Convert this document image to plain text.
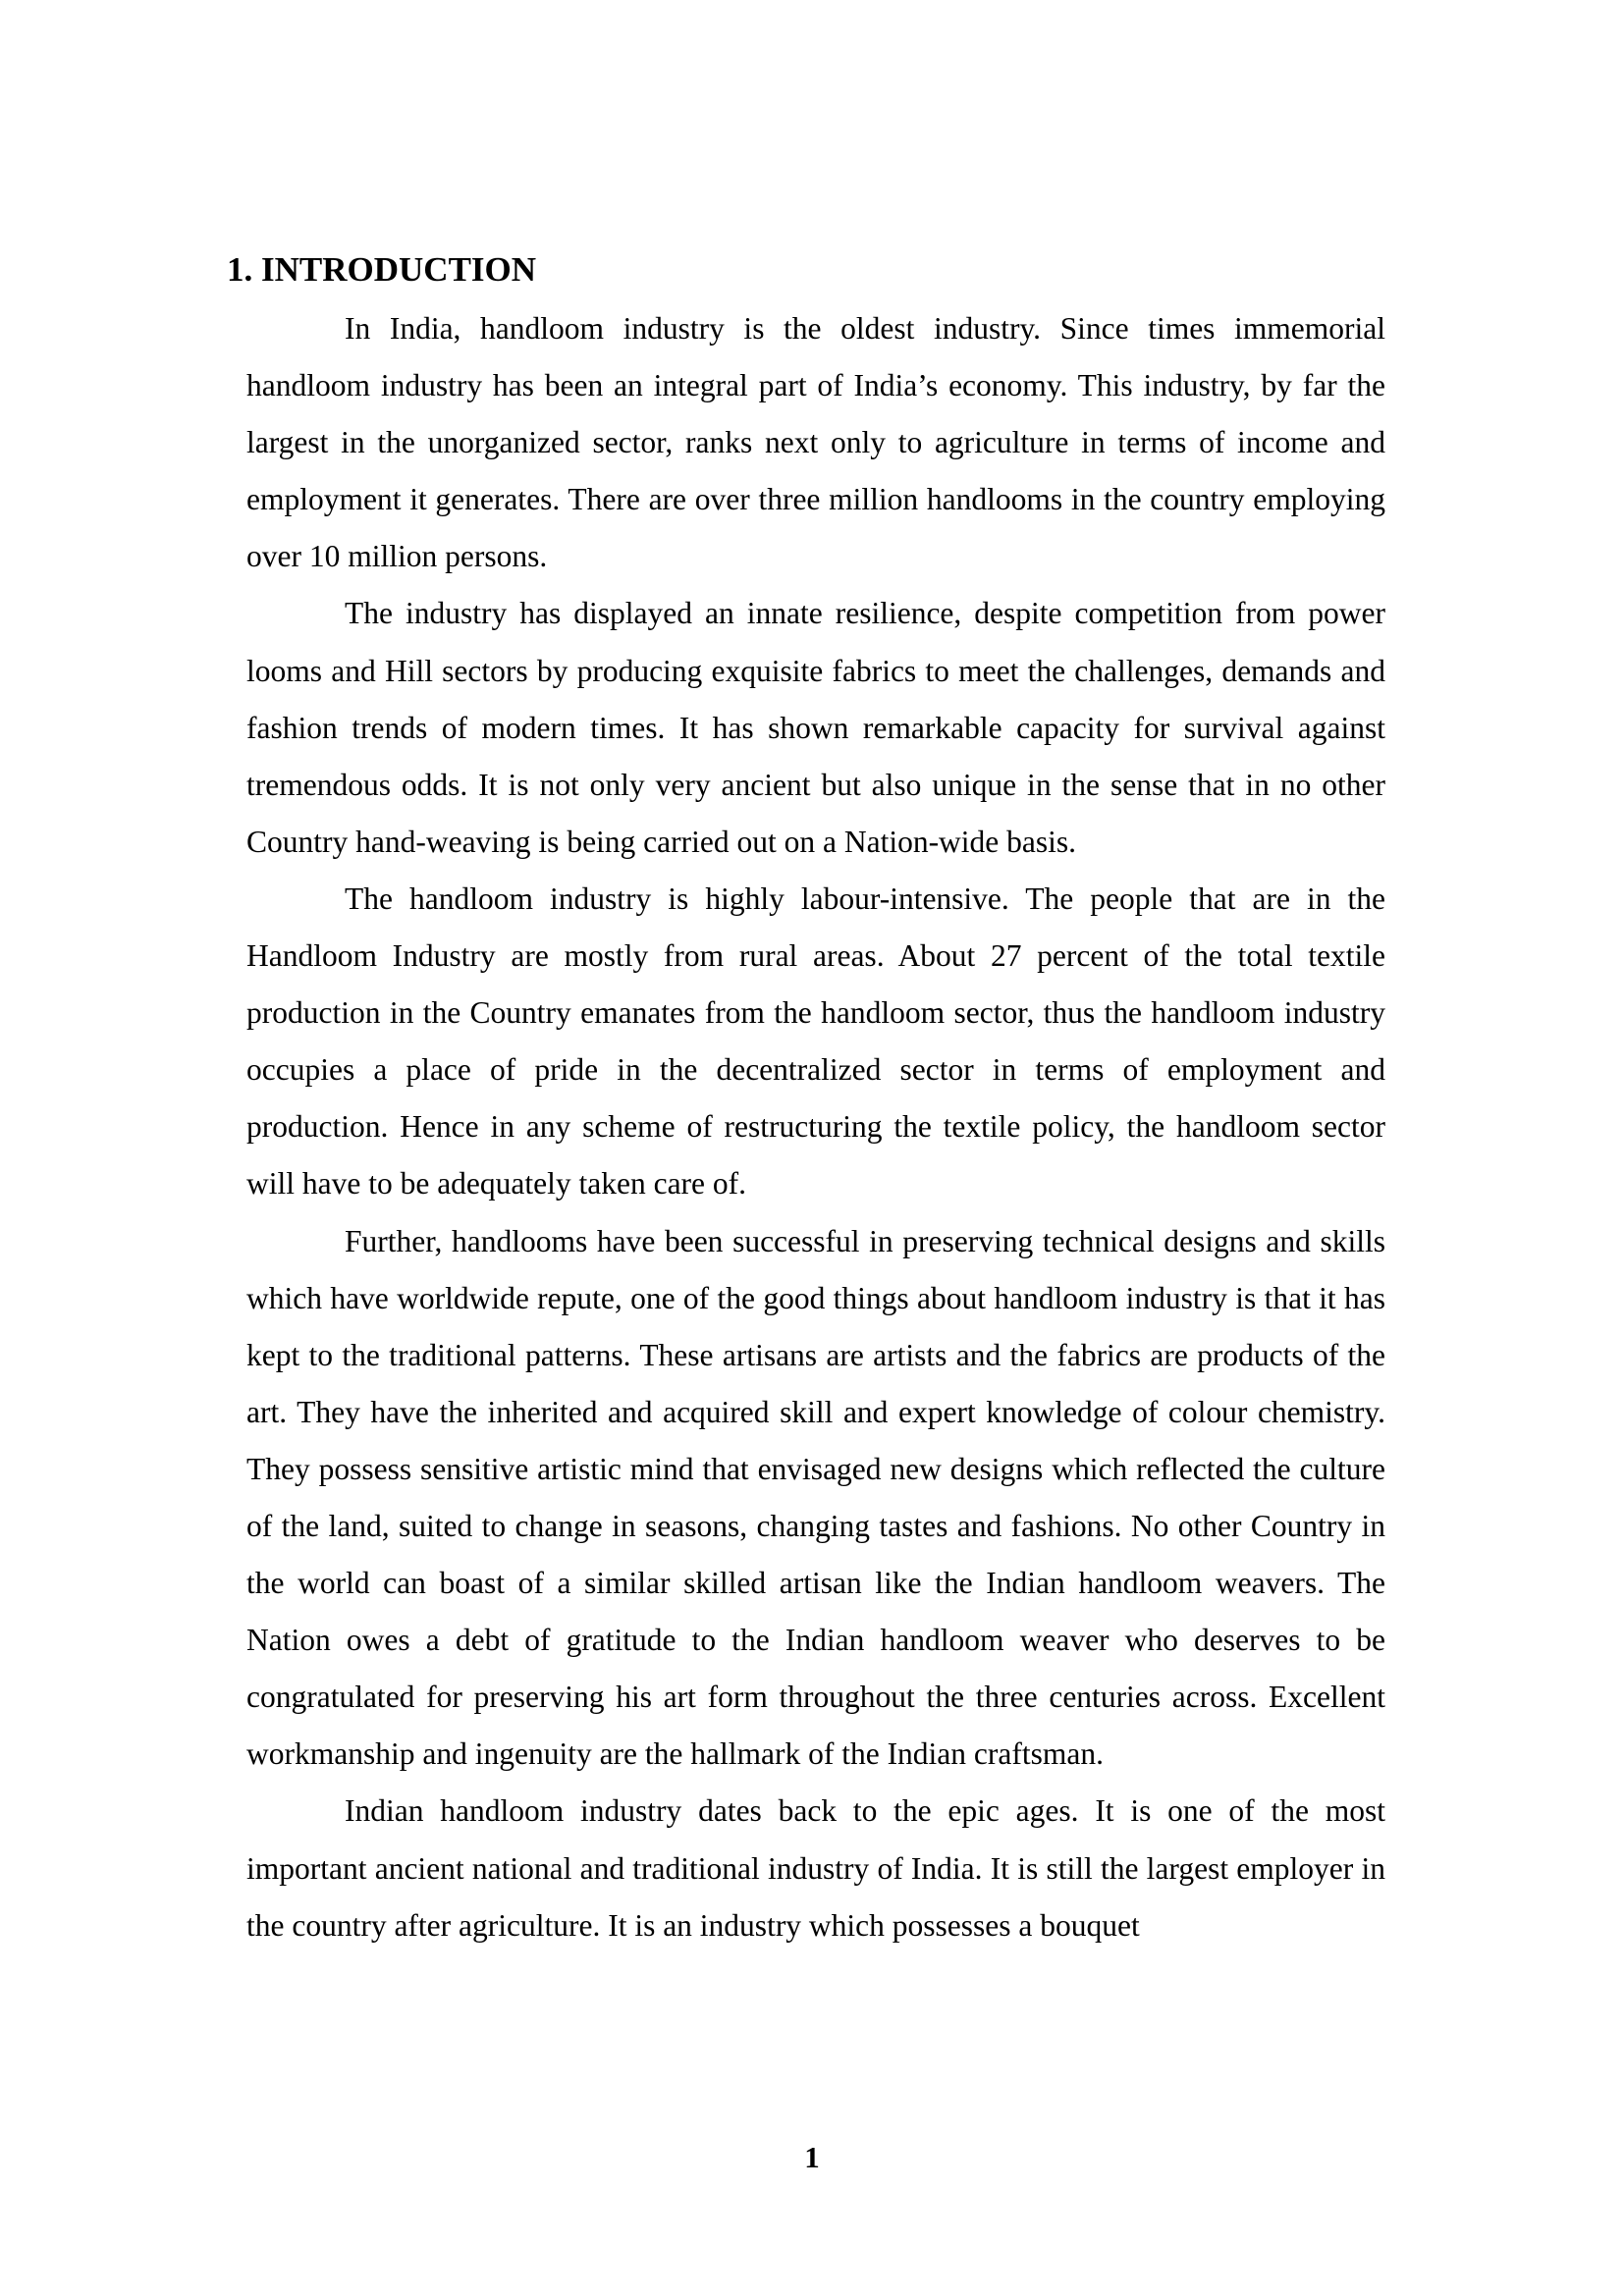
1. INTRODUCTION

In India, handloom industry is the oldest industry. Since times immemorial handloom industry has been an integral part of India’s economy. This industry, by far the largest in the unorganized sector, ranks next only to agriculture in terms of income and employment it generates. There are over three million handlooms in the country employing over 10 million persons.

The industry has displayed an innate resilience, despite competition from power looms and Hill sectors by producing exquisite fabrics to meet the challenges, demands and fashion trends of modern times. It has shown remarkable capacity for survival against tremendous odds. It is not only very ancient but also unique in the sense that in no other Country hand-weaving is being carried out on a Nation-wide basis.

The handloom industry is highly labour-intensive. The people that are in the Handloom Industry are mostly from rural areas. About 27 percent of the total textile production in the Country emanates from the handloom sector, thus the handloom industry occupies a place of pride in the decentralized sector in terms of employment and production. Hence in any scheme of restructuring the textile policy, the handloom sector will have to be adequately taken care of.

Further, handlooms have been successful in preserving technical designs and skills which have worldwide repute, one of the good things about handloom industry is that it has kept to the traditional patterns. These artisans are artists and the fabrics are products of the art. They have the inherited and acquired skill and expert knowledge of colour chemistry. They possess sensitive artistic mind that envisaged new designs which reflected the culture of the land, suited to change in seasons, changing tastes and fashions. No other Country in the world can boast of a similar skilled artisan like the Indian handloom weavers. The Nation owes a debt of gratitude to the Indian handloom weaver who deserves to be congratulated for preserving his art form throughout the three centuries across. Excellent workmanship and ingenuity are the hallmark of the Indian craftsman.

Indian handloom industry dates back to the epic ages. It is one of the most important ancient national and traditional industry of India. It is still the largest employer in the country after agriculture. It is an industry which possesses a bouquet

1
